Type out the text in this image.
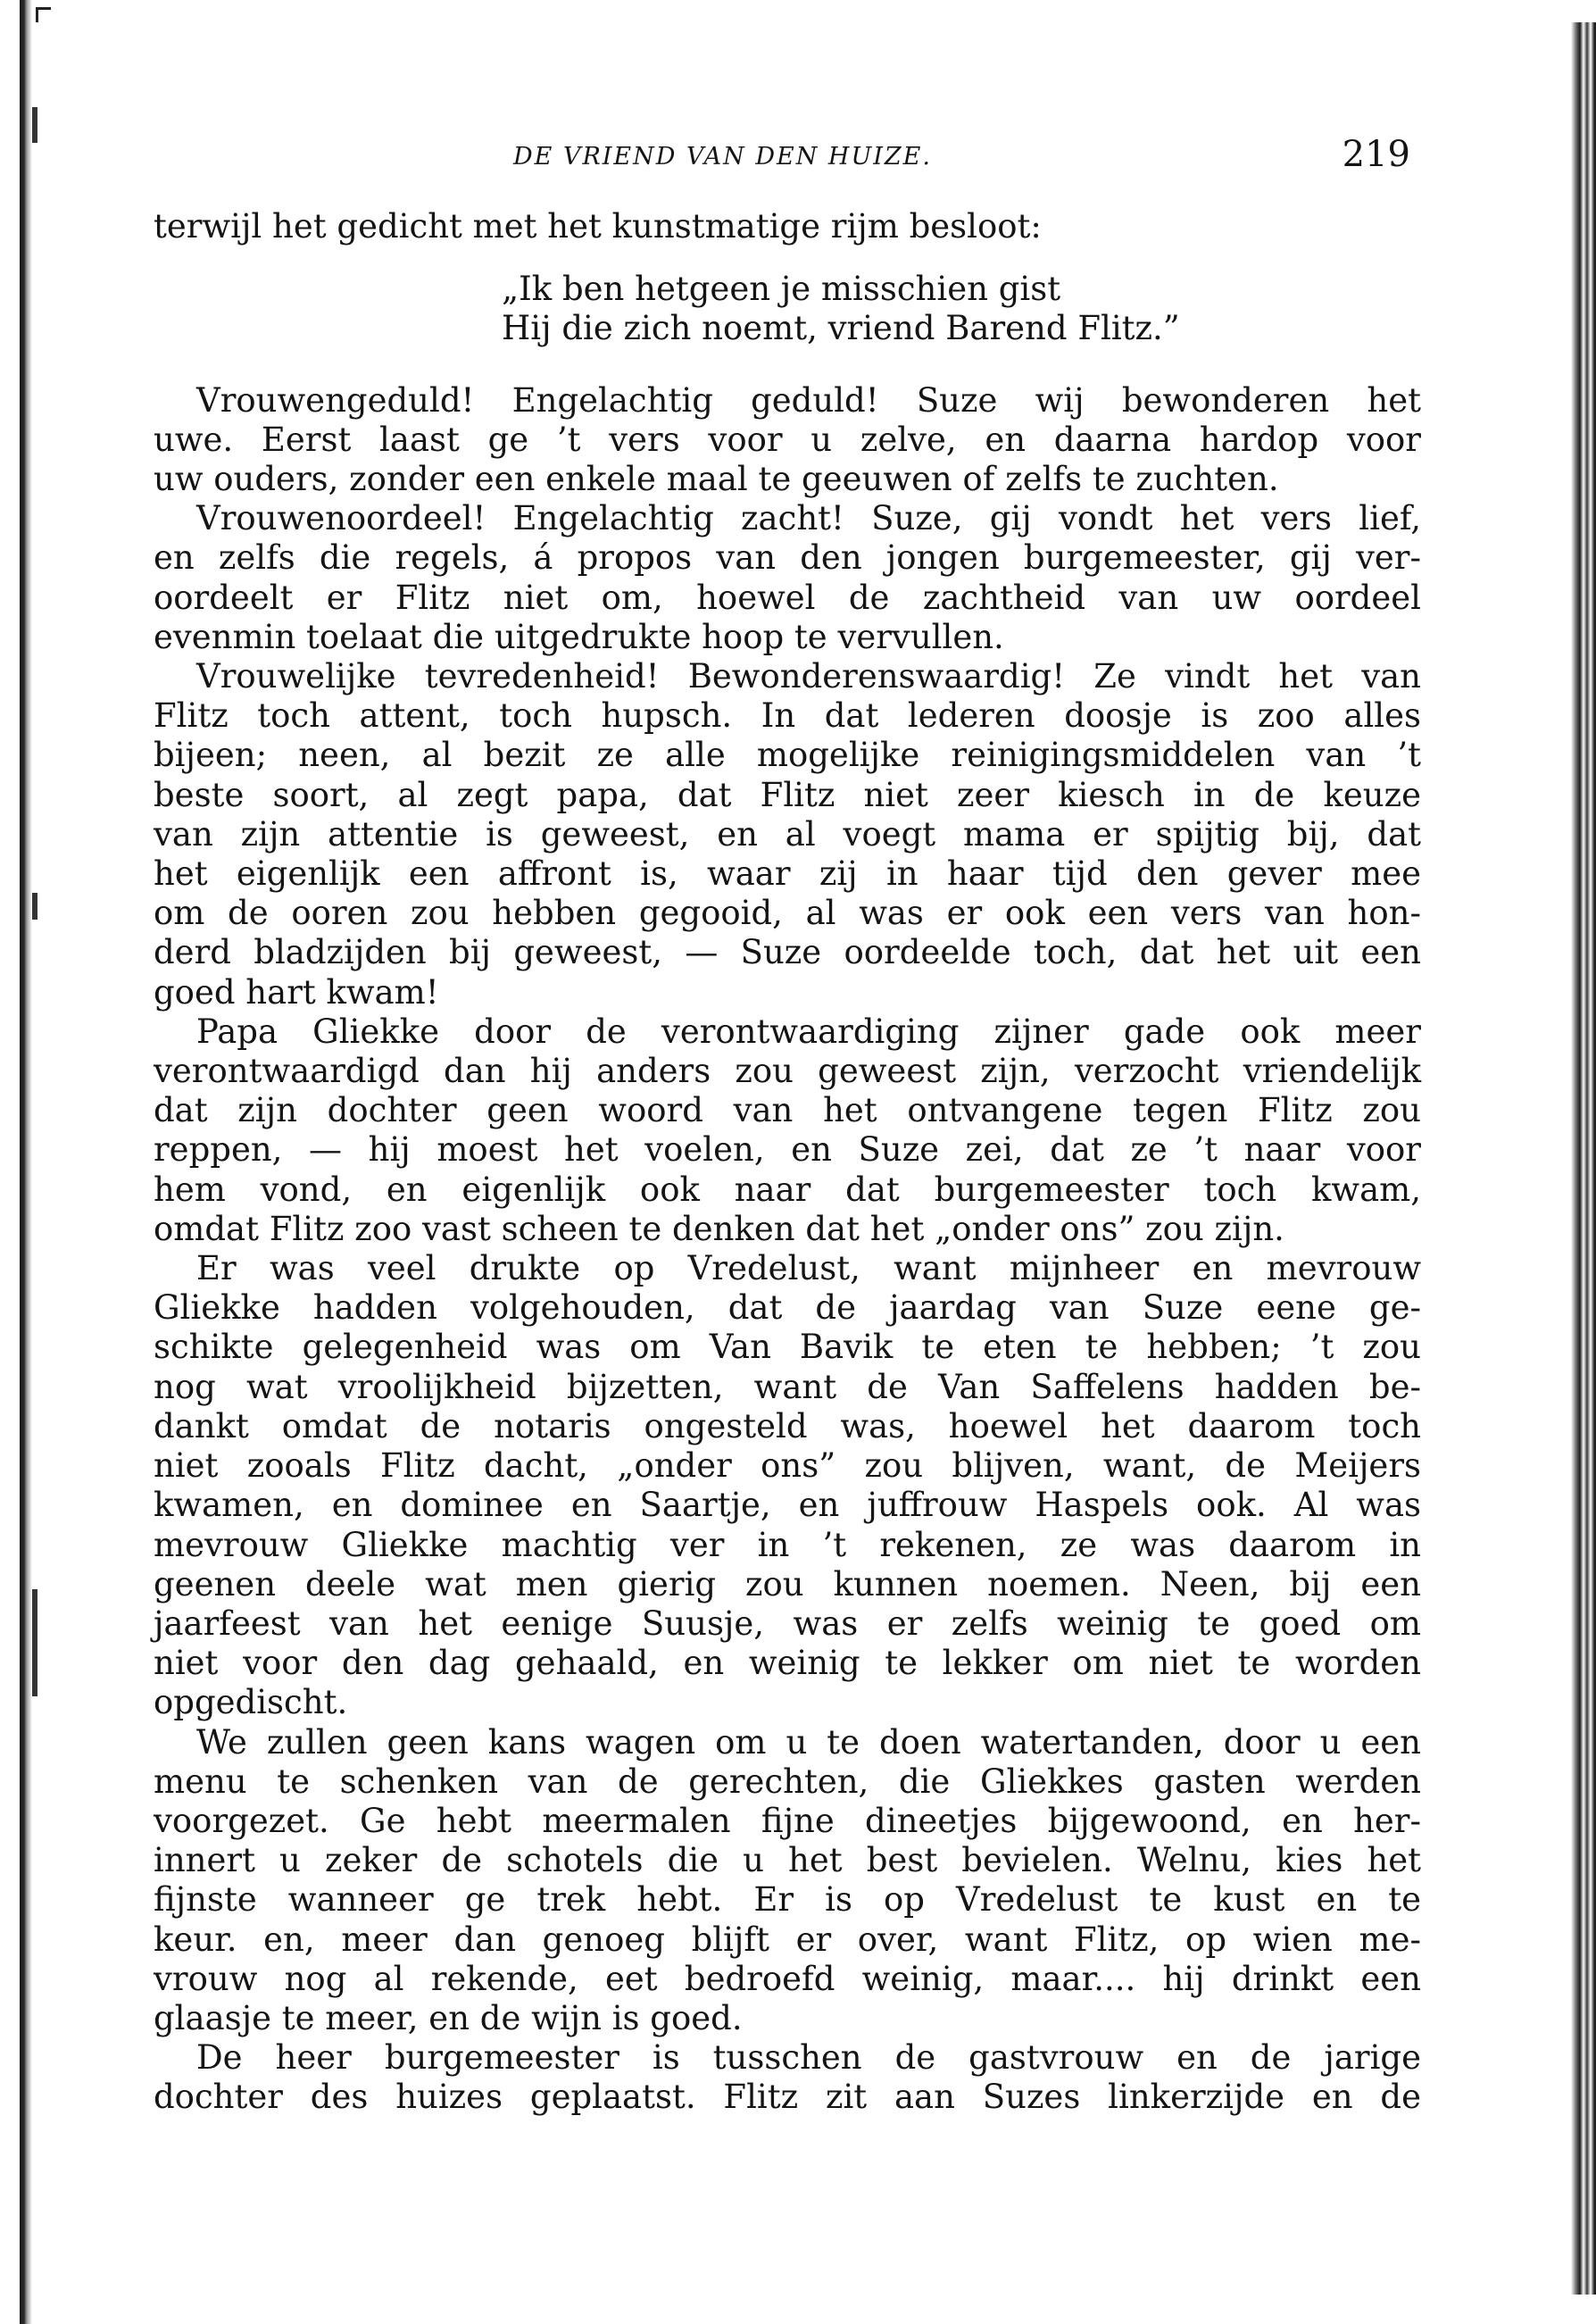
DE VRIEND VAN DEN HUIZE.	219
terwijl het gedicht met het kunstmatige rijm besloot:
„Ik ben hetgeen je misschien gist
Hij die zich noemt, vriend Barend Flitz.”
Vrouwengeduld! Engelachtig geduld! Suze wij bewonderen het
uwe. Eerst laast ge ’t vers voor u zelve, en daarna hardop voor
uw ouders, zonder een enkele maal te geeuwen of zelfs te zuchten.
Vrouwenoordeel! Engelachtig zacht! Suze, gij vondt het vers lief,
en zelfs die regels, á propos van den jongen burgemeester, gij ver-
oordeelt er Flitz niet om, hoewel de zachtheid van uw oordeel
evenmin toelaat die uitgedrukte hoop te vervullen.
Vrouwelijke tevredenheid! Bewonderenswaardig! Ze vindt het van
Flitz toch attent, toch hupsch. In dat lederen doosje is zoo alles
bijeen; neen, al bezit ze alle mogelijke reinigingsmiddelen van ’t
beste soort, al zegt papa, dat Flitz niet zeer kiesch in de keuze
van zijn attentie is geweest, en al voegt mama er spijtig bij, dat
het eigenlijk een affront is, waar zij in haar tijd den gever mee
om de ooren zou hebben gegooid, al was er ook een vers van hon-
derd bladzijden bij geweest, — Suze oordeelde toch, dat het uit een
goed hart kwam!
Papa Gliekke door de verontwaardiging zijner gade ook meer
verontwaardigd dan hij anders zou geweest zijn, verzocht vriendelijk
dat zijn dochter geen woord van het ontvangene tegen Flitz zou
reppen, — hij moest het voelen, en Suze zei, dat ze ’t naar voor
hem vond, en eigenlijk ook naar dat burgemeester toch kwam,
omdat Flitz zoo vast scheen te denken dat het „onder ons” zou zijn.
Er was veel drukte op Vredelust, want mijnheer en mevrouw
Gliekke hadden volgehouden, dat de jaardag van Suze eene ge-
schikte gelegenheid was om Van Bavik te eten te hebben; ’t zou
nog wat vroolijkheid bijzetten, want de Van Saffelens hadden be-
dankt omdat de notaris ongesteld was, hoewel het daarom toch
niet zooals Flitz dacht, „onder ons” zou blijven, want, de Meijers
kwamen, en dominee en Saartje, en juffrouw Haspels ook. Al was
mevrouw Gliekke machtig ver in ’t rekenen, ze was daarom in
geenen deele wat men gierig zou kunnen noemen. Neen, bij een
jaarfeest van het eenige Suusje, was er zelfs weinig te goed om
niet voor den dag gehaald, en weinig te lekker om niet te worden
opgedischt.
We zullen geen kans wagen om u te doen watertanden, door u een
menu te schenken van de gerechten, die Gliekkes gasten werden
voorgezet. Ge hebt meermalen fijne dineetjes bijgewoond, en her-
innert u zeker de schotels die u het best bevielen. Welnu, kies het
fijnste wanneer ge trek hebt. Er is op Vredelust te kust en te
keur. en, meer dan genoeg blijft er over, want Flitz, op wien me-
vrouw nog al rekende, eet bedroefd weinig, maar.... hij drinkt een
glaasje te meer, en de wijn is goed.
De heer burgemeester is tusschen de gastvrouw en de jarige
dochter des huizes geplaatst. Flitz zit aan Suzes linkerzijde en de
